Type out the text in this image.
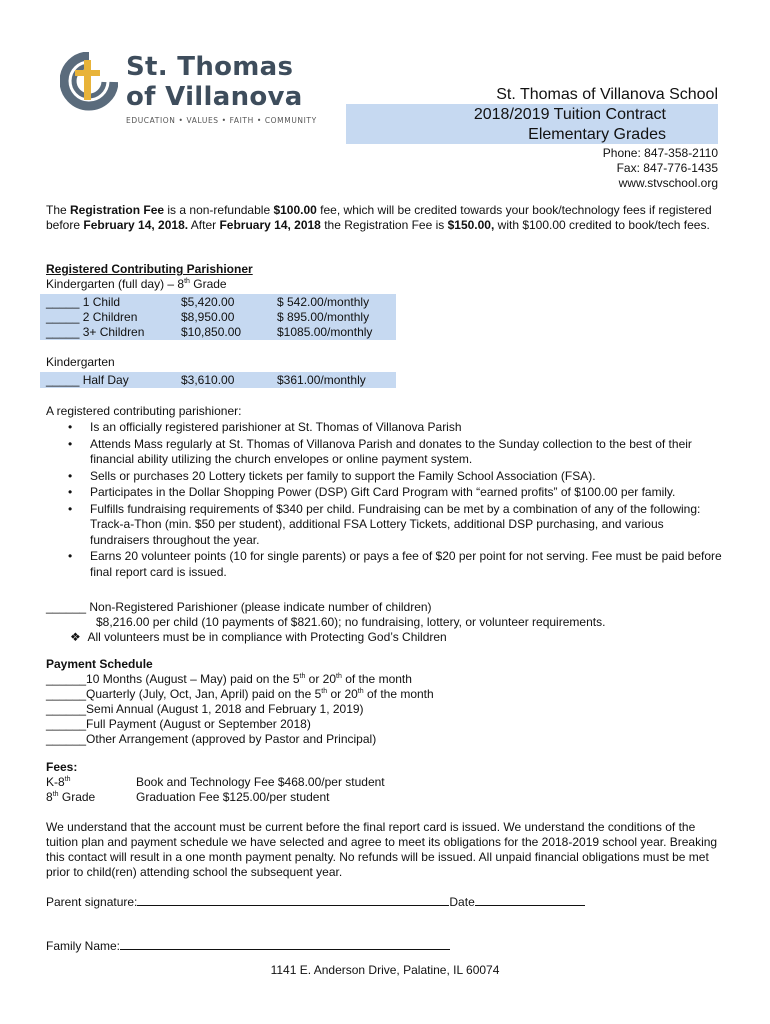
St. Thomas
of Villanova
EDUCATION • VALUES • FAITH • COMMUNITY
St. Thomas of Villanova School
2018/2019 Tuition Contract
Elementary Grades
Phone: 847-358-2110
Fax: 847-776-1435
www.stvschool.org
The Registration Fee is a non-refundable $100.00 fee, which will be credited towards your book/technology fees if registered before February 14, 2018. After February 14, 2018 the Registration Fee is $150.00, with $100.00 credited to book/tech fees.
Registered Contributing Parishioner
Kindergarten (full day) – 8th Grade
_____ 1 Child	$5,420.00	$ 542.00/monthly
_____ 2 Children	$8,950.00	$ 895.00/monthly
_____ 3+ Children	$10,850.00	$1085.00/monthly
Kindergarten
_____ Half Day	$3,610.00	$361.00/monthly
A registered contributing parishioner:
• Is an officially registered parishioner at St. Thomas of Villanova Parish
• Attends Mass regularly at St. Thomas of Villanova Parish and donates to the Sunday collection to the best of their financial ability utilizing the church envelopes or online payment system.
• Sells or purchases 20 Lottery tickets per family to support the Family School Association (FSA).
• Participates in the Dollar Shopping Power (DSP) Gift Card Program with “earned profits” of $100.00 per family.
• Fulfills fundraising requirements of $340 per child. Fundraising can be met by a combination of any of the following: Track-a-Thon (min. $50 per student), additional FSA Lottery Tickets, additional DSP purchasing, and various fundraisers throughout the year.
• Earns 20 volunteer points (10 for single parents) or pays a fee of $20 per point for not serving. Fee must be paid before final report card is issued.
______ Non-Registered Parishioner (please indicate number of children)
$8,216.00 per child (10 payments of $821.60); no fundraising, lottery, or volunteer requirements.
❖ All volunteers must be in compliance with Protecting God’s Children
Payment Schedule
______10 Months (August – May) paid on the 5th or 20th of the month
______Quarterly (July, Oct, Jan, April) paid on the 5th or 20th of the month
______Semi Annual (August 1, 2018 and February 1, 2019)
______Full Payment (August or September 2018)
______Other Arrangement (approved by Pastor and Principal)
Fees:
K-8th	Book and Technology Fee $468.00/per student
8th Grade	Graduation Fee $125.00/per student
We understand that the account must be current before the final report card is issued. We understand the conditions of the tuition plan and payment schedule we have selected and agree to meet its obligations for the 2018-2019 school year. Breaking this contact will result in a one month payment penalty. No refunds will be issued. All unpaid financial obligations must be met prior to child(ren) attending school the subsequent year.
Parent signature:	Date
Family Name:
1141 E. Anderson Drive, Palatine, IL 60074
